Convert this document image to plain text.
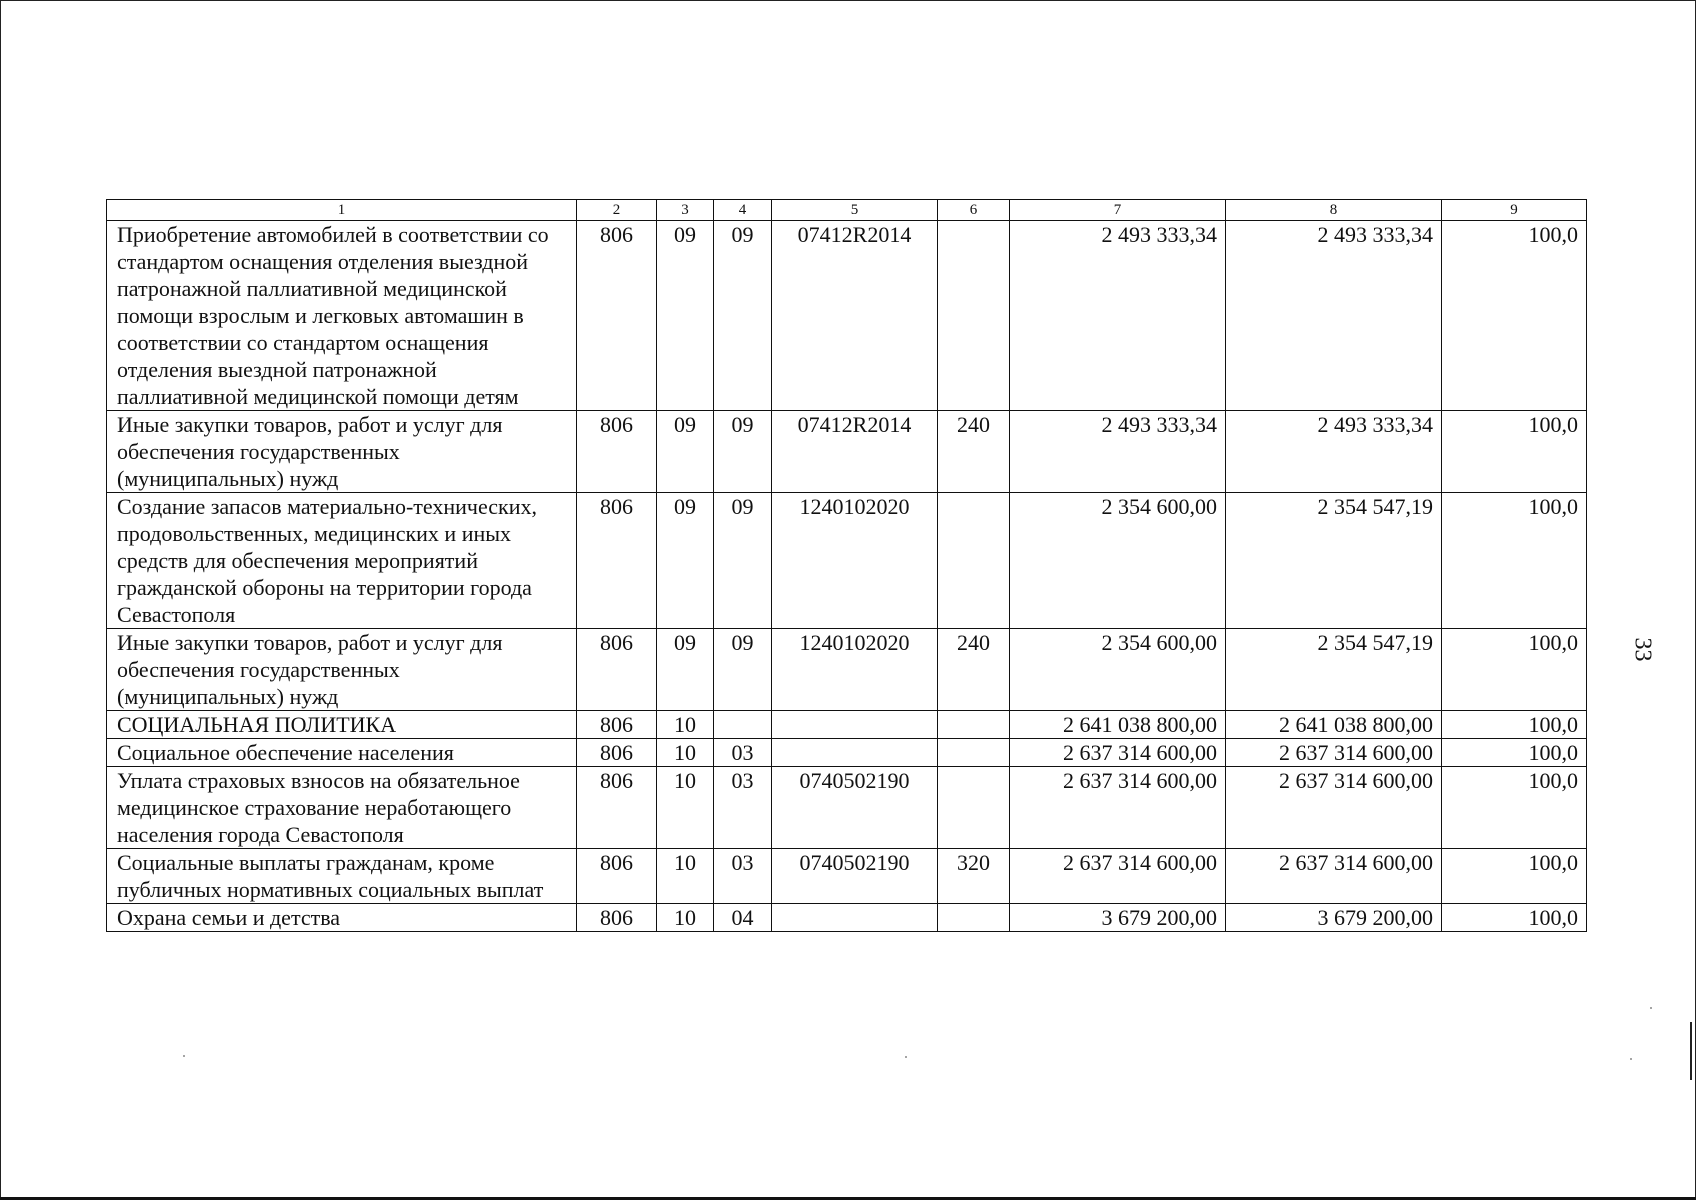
1	2	3	4	5	6	7	8	9
Приобретение автомобилей в соответствии со стандартом оснащения отделения выездной патронажной паллиативной медицинской помощи взрослым и легковых автомашин в соответствии со стандартом оснащения отделения выездной патронажной паллиативной медицинской помощи детям	806	09	09	07412R2014		2 493 333,34	2 493 333,34	100,0
Иные закупки товаров, работ и услуг для обеспечения государственных (муниципальных) нужд	806	09	09	07412R2014	240	2 493 333,34	2 493 333,34	100,0
Создание запасов материально-технических, продовольственных, медицинских и иных средств для обеспечения мероприятий гражданской обороны на территории города Севастополя	806	09	09	1240102020		2 354 600,00	2 354 547,19	100,0
Иные закупки товаров, работ и услуг для обеспечения государственных (муниципальных) нужд	806	09	09	1240102020	240	2 354 600,00	2 354 547,19	100,0
СОЦИАЛЬНАЯ ПОЛИТИКА	806	10				2 641 038 800,00	2 641 038 800,00	100,0
Социальное обеспечение населения	806	10	03			2 637 314 600,00	2 637 314 600,00	100,0
Уплата страховых взносов на обязательное медицинское страхование неработающего населения города Севастополя	806	10	03	0740502190		2 637 314 600,00	2 637 314 600,00	100,0
Социальные выплаты гражданам, кроме публичных нормативных социальных выплат	806	10	03	0740502190	320	2 637 314 600,00	2 637 314 600,00	100,0
Охрана семьи и детства	806	10	04			3 679 200,00	3 679 200,00	100,0
33
